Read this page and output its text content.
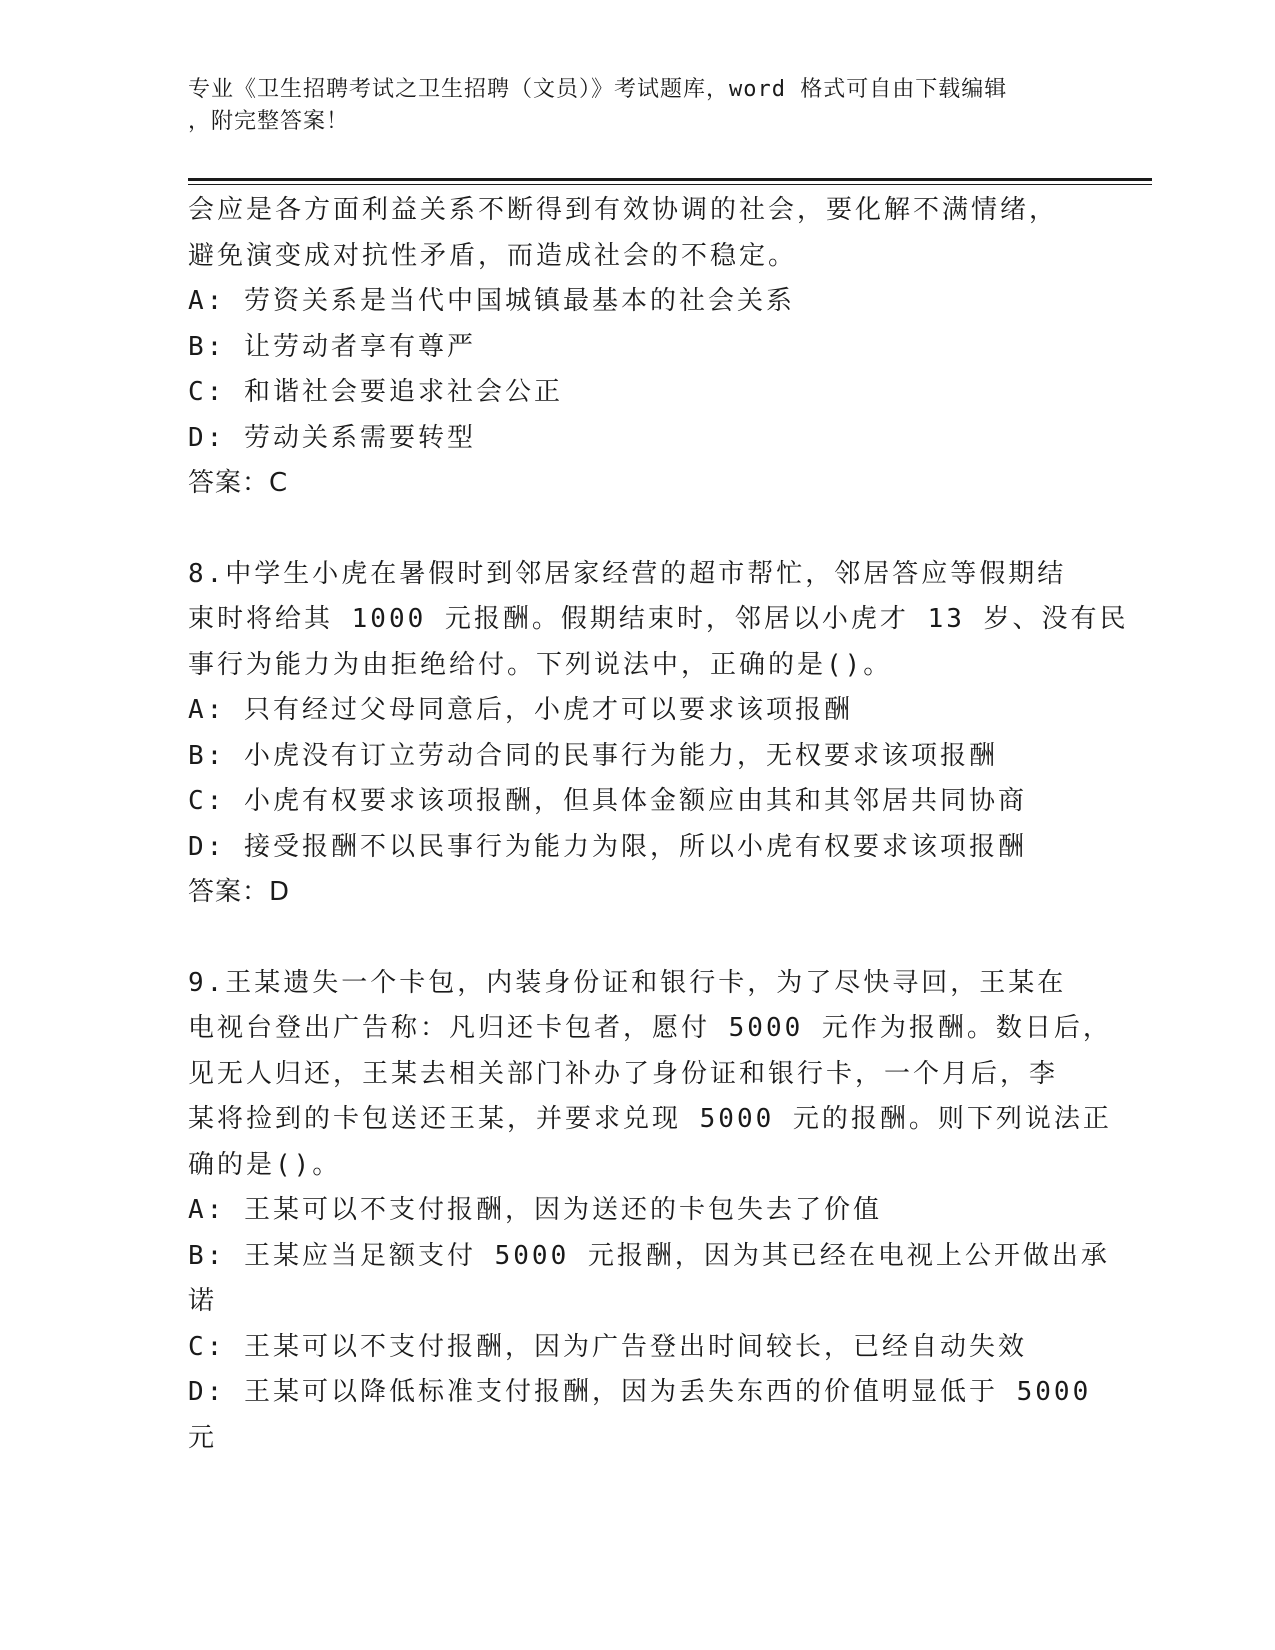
专业《卫生招聘考试之卫生招聘（文员）》考试题库，word 格式可自由下载编辑
，附完整答案！
会应是各方面利益关系不断得到有效协调的社会，要化解不满情绪，
避免演变成对抗性矛盾，而造成社会的不稳定。
A: 劳资关系是当代中国城镇最基本的社会关系
B: 让劳动者享有尊严
C: 和谐社会要追求社会公正
D: 劳动关系需要转型
答案：C
8.中学生小虎在暑假时到邻居家经营的超市帮忙，邻居答应等假期结
束时将给其 1000 元报酬。假期结束时，邻居以小虎才 13 岁、没有民
事行为能力为由拒绝给付。下列说法中，正确的是()。
A: 只有经过父母同意后，小虎才可以要求该项报酬
B: 小虎没有订立劳动合同的民事行为能力，无权要求该项报酬
C: 小虎有权要求该项报酬，但具体金额应由其和其邻居共同协商
D: 接受报酬不以民事行为能力为限，所以小虎有权要求该项报酬
答案：D
9.王某遗失一个卡包，内装身份证和银行卡，为了尽快寻回，王某在
电视台登出广告称：凡归还卡包者，愿付 5000 元作为报酬。数日后，
见无人归还，王某去相关部门补办了身份证和银行卡，一个月后，李
某将捡到的卡包送还王某，并要求兑现 5000 元的报酬。则下列说法正
确的是()。
A: 王某可以不支付报酬，因为送还的卡包失去了价值
B: 王某应当足额支付 5000 元报酬，因为其已经在电视上公开做出承
诺
C: 王某可以不支付报酬，因为广告登出时间较长，已经自动失效
D: 王某可以降低标准支付报酬，因为丢失东西的价值明显低于 5000
元
